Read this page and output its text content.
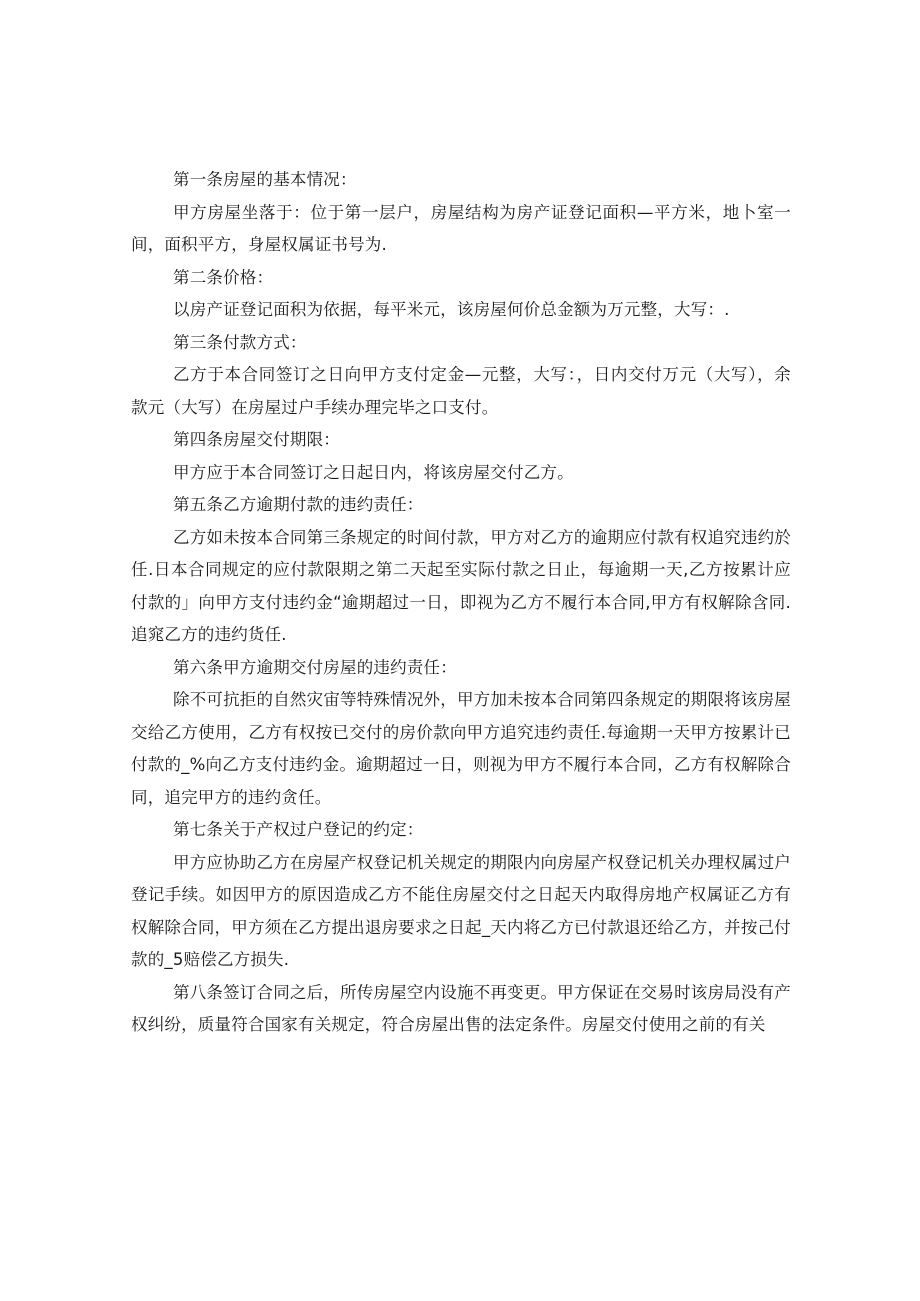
第一条房屋的基本情况：

甲方房屋坐落于：位于第一层户，房屋结构为房产证登记面积—平方米，地卜室一间，面积平方，身屋权属证书号为.

第二条价格：

以房产证登记面积为依据，每平米元，该房屋何价总金额为万元整，大写：.

第三条付款方式：

乙方于本合同签订之日向甲方支付定金—元整，大写：，日内交付万元（大写），余款元（大写）在房屋过户手续办理完毕之口支付。

第四条房屋交付期限：

甲方应于本合同签订之日起日内，将该房屋交付乙方。

第五条乙方逾期付款的违约责任：

乙方如未按本合同第三条规定的时间付款，甲方对乙方的逾期应付款有权追究违约於任.日本合同规定的应付款限期之第二天起至实际付款之日止，每逾期一天,乙方按累计应付款的」向甲方支付违约金“逾期超过一日，即视为乙方不履行本合同,甲方有权解除含同.追窕乙方的违约货任.

第六条甲方逾期交付房屋的违约责任：

除不可抗拒的自然灾宙等特殊情况外，甲方加未按本合同第四条规定的期限将该房屋交给乙方使用，乙方有权按已交付的房价款向甲方追究违约责任.每逾期一天甲方按累计已付款的_%向乙方支付违约金。逾期超过一日，则视为甲方不履行本合同，乙方有权解除合同，追完甲方的违约贪任。

第七条关于产权过户登记的约定：

甲方应协助乙方在房屋产权登记机关规定的期限内向房屋产权登记机关办理权属过户登记手续。如因甲方的原因造成乙方不能住房屋交付之日起天内取得房地产权属证乙方有权解除合同，甲方须在乙方提出退房要求之日起_天内将乙方已付款退还给乙方，并按己付款的_5赔偿乙方损失.

第八条签订合同之后，所传房屋空内设施不再变更。甲方保证在交易时该房局没有产权纠纷，质量符合国家有关规定，符合房屋出售的法定条件。房屋交付使用之前的有关
